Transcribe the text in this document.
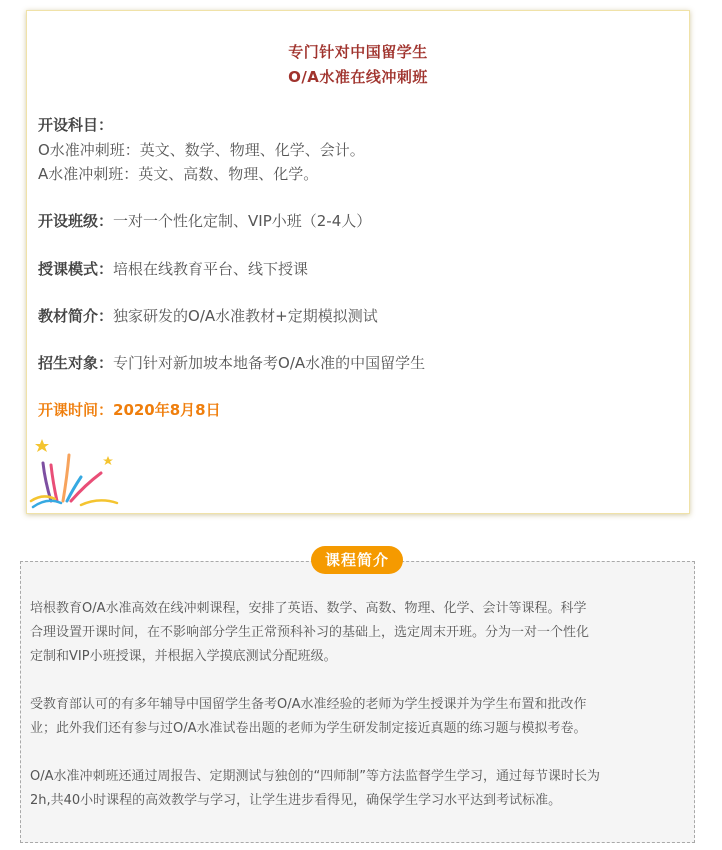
专门针对中国留学生
O/A水准在线冲刺班
开设科目：
O水准冲刺班：英文、数学、物理、化学、会计。
A水准冲刺班：英文、高数、物理、化学。
开设班级：一对一个性化定制、VIP小班（2-4人）
授课模式：培根在线教育平台、线下授课
教材简介：独家研发的O/A水准教材+定期模拟测试
招生对象：专门针对新加坡本地备考O/A水准的中国留学生
开课时间：2020年8月8日
课程简介

培根教育O/A水准高效在线冲刺课程，安排了英语、数学、高数、物理、化学、会计等课程。科学
合理设置开课时间，在不影响部分学生正常预科补习的基础上，选定周末开班。分为一对一个性化
定制和VIP小班授课，并根据入学摸底测试分配班级。

受教育部认可的有多年辅导中国留学生备考O/A水准经验的老师为学生授课并为学生布置和批改作
业；此外我们还有参与过O/A水准试卷出题的老师为学生研发制定接近真题的练习题与模拟考卷。

O/A水准冲刺班还通过周报告、定期测试与独创的“四师制”等方法监督学生学习，通过每节课时长为
2h,共40小时课程的高效教学与学习，让学生进步看得见，确保学生学习水平达到考试标准。
